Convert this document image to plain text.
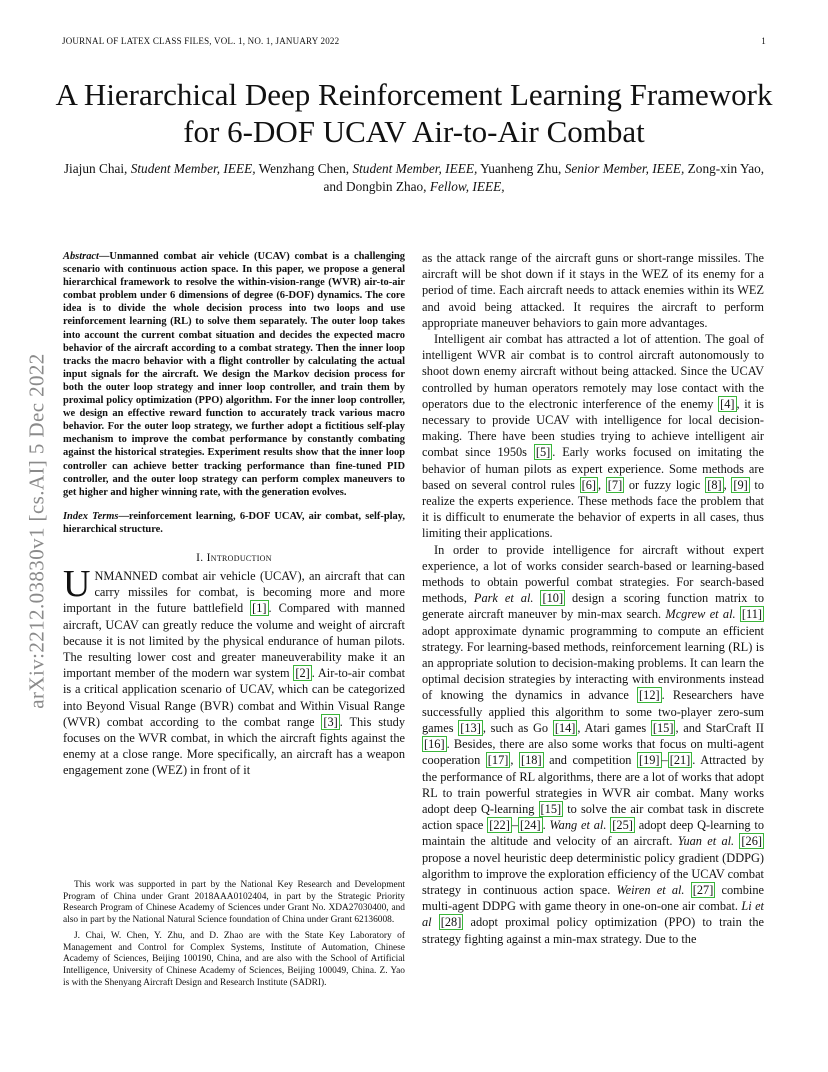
JOURNAL OF LATEX CLASS FILES, VOL. 1, NO. 1, JANUARY 2022	1
A Hierarchical Deep Reinforcement Learning Framework for 6-DOF UCAV Air-to-Air Combat
Jiajun Chai, Student Member, IEEE, Wenzhang Chen, Student Member, IEEE, Yuanheng Zhu, Senior Member, IEEE, Zong-xin Yao, and Dongbin Zhao, Fellow, IEEE,
arXiv:2212.03830v1 [cs.AI] 5 Dec 2022

Abstract—Unmanned combat air vehicle (UCAV) combat is a challenging scenario with continuous action space. In this paper, we propose a general hierarchical framework to resolve the within-vision-range (WVR) air-to-air combat problem under 6 dimensions of degree (6-DOF) dynamics. The core idea is to divide the whole decision process into two loops and use reinforcement learning (RL) to solve them separately. The outer loop takes into account the current combat situation and decides the expected macro behavior of the aircraft according to a combat strategy. Then the inner loop tracks the macro behavior with a flight controller by calculating the actual input signals for the aircraft. We design the Markov decision process for both the outer loop strategy and inner loop controller, and train them by proximal policy optimization (PPO) algorithm. For the inner loop controller, we design an effective reward function to accurately track various macro behavior. For the outer loop strategy, we further adopt a fictitious self-play mechanism to improve the combat performance by constantly combating against the historical strategies. Experiment results show that the inner loop controller can achieve better tracking performance than fine-tuned PID controller, and the outer loop strategy can perform complex maneuvers to get higher and higher winning rate, with the generation evolves.

Index Terms—reinforcement learning, 6-DOF UCAV, air combat, self-play, hierarchical structure.

I. Introduction

UNMANNED combat air vehicle (UCAV), an aircraft that can carry missiles for combat, is becoming more and more important in the future battlefield [1] . Compared with manned aircraft, UCAV can greatly reduce the volume and weight of aircraft because it is not limited by the physical endurance of human pilots. The resulting lower cost and greater maneuverability make it an important member of the modern war system [2] . Air-to-air combat is a critical application scenario of UCAV, which can be categorized into Beyond Visual Range (BVR) combat and Within Visual Range (WVR) combat according to the combat range [3] . This study focuses on the WVR combat, in which the aircraft fights against the enemy at a close range. More specifically, an aircraft has a weapon engagement zone (WEZ) in front of it

This work was supported in part by the National Key Research and Development Program of China under Grant 2018AAA0102404, in part by the Strategic Priority Research Program of Chinese Academy of Sciences under Grant No. XDA27030400, and also in part by the National Natural Science foundation of China under Grant 62136008.

J. Chai, W. Chen, Y. Zhu, and D. Zhao are with the State Key Laboratory of Management and Control for Complex Systems, Institute of Automation, Chinese Academy of Sciences, Beijing 100190, China, and are also with the School of Artificial Intelligence, University of Chinese Academy of Sciences, Beijing 100049, China. Z. Yao is with the Shenyang Aircraft Design and Research Institute (SADRI).

as the attack range of the aircraft guns or short-range missiles. The aircraft will be shot down if it stays in the WEZ of its enemy for a period of time. Each aircraft needs to attack enemies within its WEZ and avoid being attacked. It requires the aircraft to perform appropriate maneuver behaviors to gain more advantages.

Intelligent air combat has attracted a lot of attention. The goal of intelligent WVR air combat is to control aircraft autonomously to shoot down enemy aircraft without being attacked. Since the UCAV controlled by human operators remotely may lose contact with the operators due to the electronic interference of the enemy [4] , it is necessary to provide UCAV with intelligence for local decision-making. There have been studies trying to achieve intelligent air combat since 1950s [5] . Early works focused on imitating the behavior of human pilots as expert experience. Some methods are based on several control rules [6] , [7] or fuzzy logic [8] , [9] to realize the experts experience. These methods face the problem that it is difficult to enumerate the behavior of experts in all cases, thus limiting their applications.

In order to provide intelligence for aircraft without expert experience, a lot of works consider search-based or learning-based methods to obtain powerful combat strategies. For search-based methods, Park et al. [10] design a scoring function matrix to generate aircraft maneuver by min-max search. Mcgrew et al. [11] adopt approximate dynamic programming to compute an efficient strategy. For learning-based methods, reinforcement learning (RL) is an appropriate solution to decision-making problems. It can learn the optimal decision strategies by interacting with environments instead of knowing the dynamics in advance [12] . Researchers have successfully applied this algorithm to some two-player zero-sum games [13] , such as Go [14] , Atari games [15] , and StarCraft II [16] . Besides, there are also some works that focus on multi-agent cooperation [17] , [18] and competition [19] – [21] . Attracted by the performance of RL algorithms, there are a lot of works that adopt RL to train powerful strategies in WVR air combat. Many works adopt deep Q-learning [15] to solve the air combat task in discrete action space [22] – [24] . Wang et al. [25] adopt deep Q-learning to maintain the altitude and velocity of an aircraft. Yuan et al. [26] propose a novel heuristic deep deterministic policy gradient (DDPG) algorithm to improve the exploration efficiency of the UCAV combat strategy in continuous action space. Weiren et al. [27] combine multi-agent DDPG with game theory in one-on-one air combat. Li et al [28] adopt proximal policy optimization (PPO) to train the strategy fighting against a min-max strategy. Due to the
